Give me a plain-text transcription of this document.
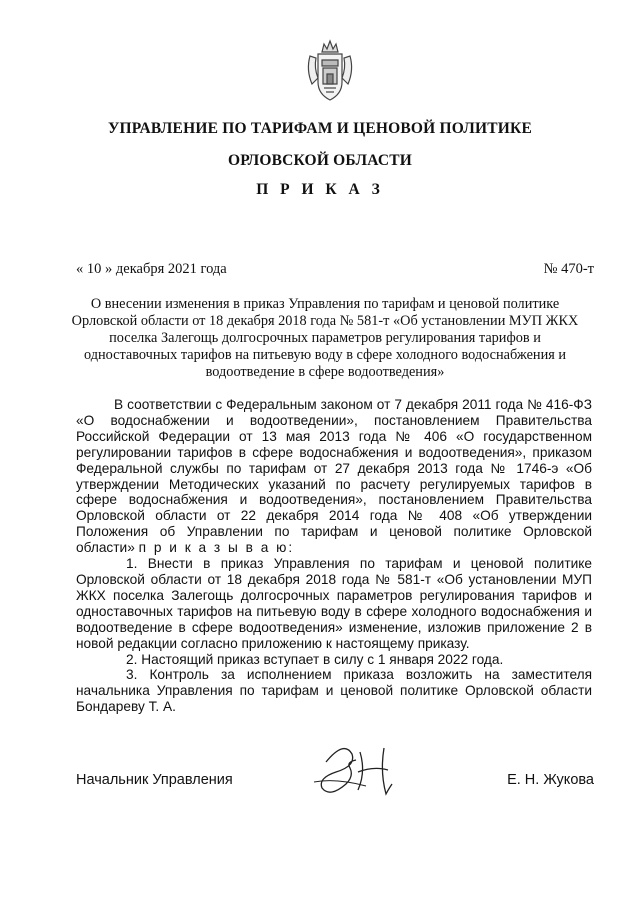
УПРАВЛЕНИЕ ПО ТАРИФАМ И ЦЕНОВОЙ ПОЛИТИКЕ
ОРЛОВСКОЙ ОБЛАСТИ
П Р И К А З
« 10 » декабря 2021 года	№ 470-т
О внесении изменения в приказ Управления по тарифам и ценовой политике Орловской области от 18 декабря 2018 года № 581-т «Об установлении МУП ЖКХ поселка Залегощь долгосрочных параметров регулирования тарифов и одноставочных тарифов на питьевую воду в сфере холодного водоснабжения и водоотведение в сфере водоотведения»

В соответствии с Федеральным законом от 7 декабря 2011 года № 416-ФЗ «О водоснабжении и водоотведении», постановлением Правительства Российской Федерации от 13 мая 2013 года № 406 «О государственном регулировании тарифов в сфере водоснабжения и водоотведения», приказом Федеральной службы по тарифам от 27 декабря 2013 года № 1746-э «Об утверждении Методических указаний по расчету регулируемых тарифов в сфере водоснабжения и водоотведения», постановлением Правительства Орловской области от 22 декабря 2014 года № 408 «Об утверждении Положения об Управлении по тарифам и ценовой политике Орловской области» п р и к а з ы в а ю:

1. Внести в приказ Управления по тарифам и ценовой политике Орловской области от 18 декабря 2018 года № 581-т «Об установлении МУП ЖКХ поселка Залегощь долгосрочных параметров регулирования тарифов и одноставочных тарифов на питьевую воду в сфере холодного водоснабжения и водоотведение в сфере водоотведения» изменение, изложив приложение 2 в новой редакции согласно приложению к настоящему приказу.

2. Настоящий приказ вступает в силу с 1 января 2022 года.

3. Контроль за исполнением приказа возложить на заместителя начальника Управления по тарифам и ценовой политике Орловской области Бондареву Т. А.

Начальник Управления	Е. Н. Жукова
